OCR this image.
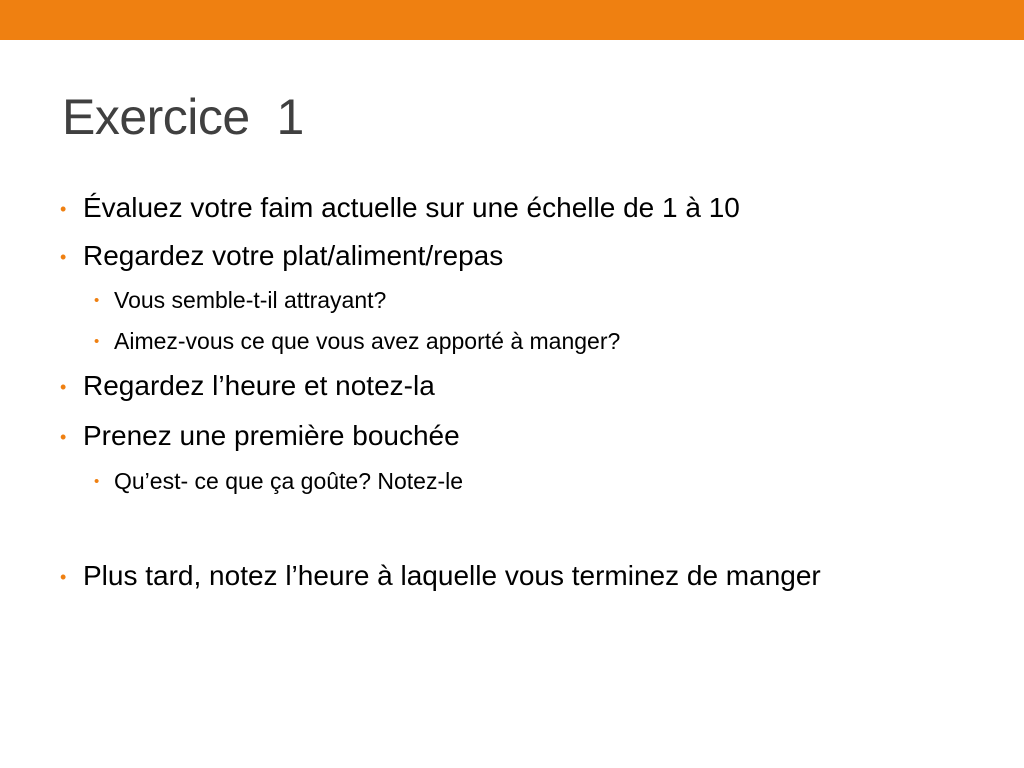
Exercice  1
• Évaluez votre faim actuelle sur une échelle de 1 à 10
• Regardez votre plat/aliment/repas
• Vous semble-t-il attrayant?
• Aimez-vous ce que vous avez apporté à manger?
• Regardez l’heure et notez-la
• Prenez une première bouchée
• Qu’est- ce que ça goûte? Notez-le
• Plus tard, notez l’heure à laquelle vous terminez de manger
